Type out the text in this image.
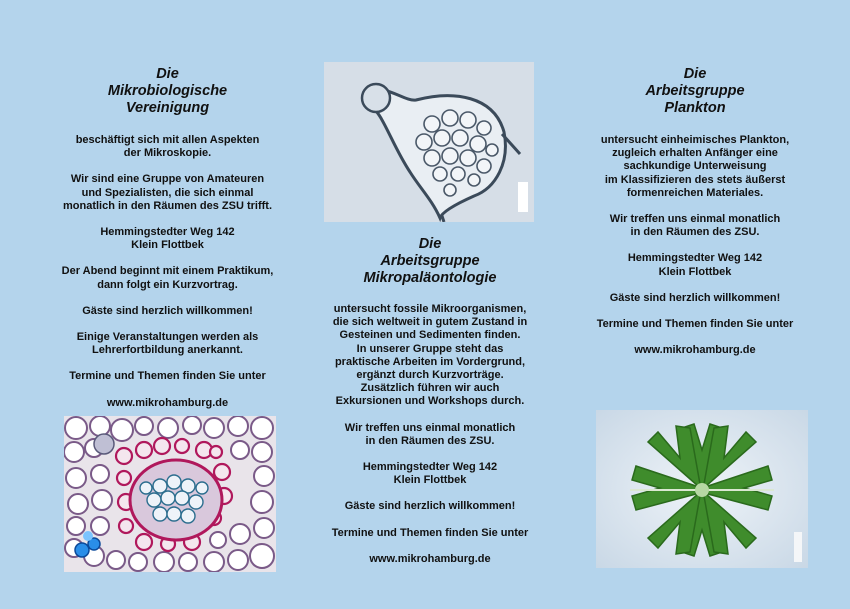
Die
Mikrobiologische
Vereinigung

beschäftigt sich mit allen Aspekten
der Mikroskopie.

Wir sind eine Gruppe von Amateuren
und Spezialisten, die sich einmal
monatlich in den Räumen des ZSU trifft.

Hemmingstedter Weg 142
Klein Flottbek

Der Abend beginnt mit einem Praktikum,
dann folgt ein Kurzvortrag.

Gäste sind herzlich willkommen!

Einige Veranstaltungen werden als
Lehrerfortbildung anerkannt.

Termine und Themen finden Sie unter

www.mikrohamburg.de

Die
Arbeitsgruppe
Mikropaläontologie

untersucht fossile Mikroorganismen,
die sich weltweit in gutem Zustand in
Gesteinen und Sedimenten finden.
In unserer Gruppe steht das
praktische Arbeiten im Vordergrund,
ergänzt durch Kurzvorträge.
Zusätzlich führen wir auch
Exkursionen und Workshops durch.

Wir treffen uns einmal monatlich
in den Räumen des ZSU.

Hemmingstedter Weg 142
Klein Flottbek

Gäste sind herzlich willkommen!

Termine und Themen finden Sie unter

www.mikrohamburg.de

Die
Arbeitsgruppe
Plankton

untersucht einheimisches Plankton,
zugleich erhalten Anfänger eine
sachkundige Unterweisung
im Klassifizieren des stets äußerst
formenreichen Materiales.

Wir treffen uns einmal monatlich
in den Räumen des ZSU.

Hemmingstedter Weg 142
Klein Flottbek

Gäste sind herzlich willkommen!

Termine und Themen finden Sie unter

www.mikrohamburg.de
